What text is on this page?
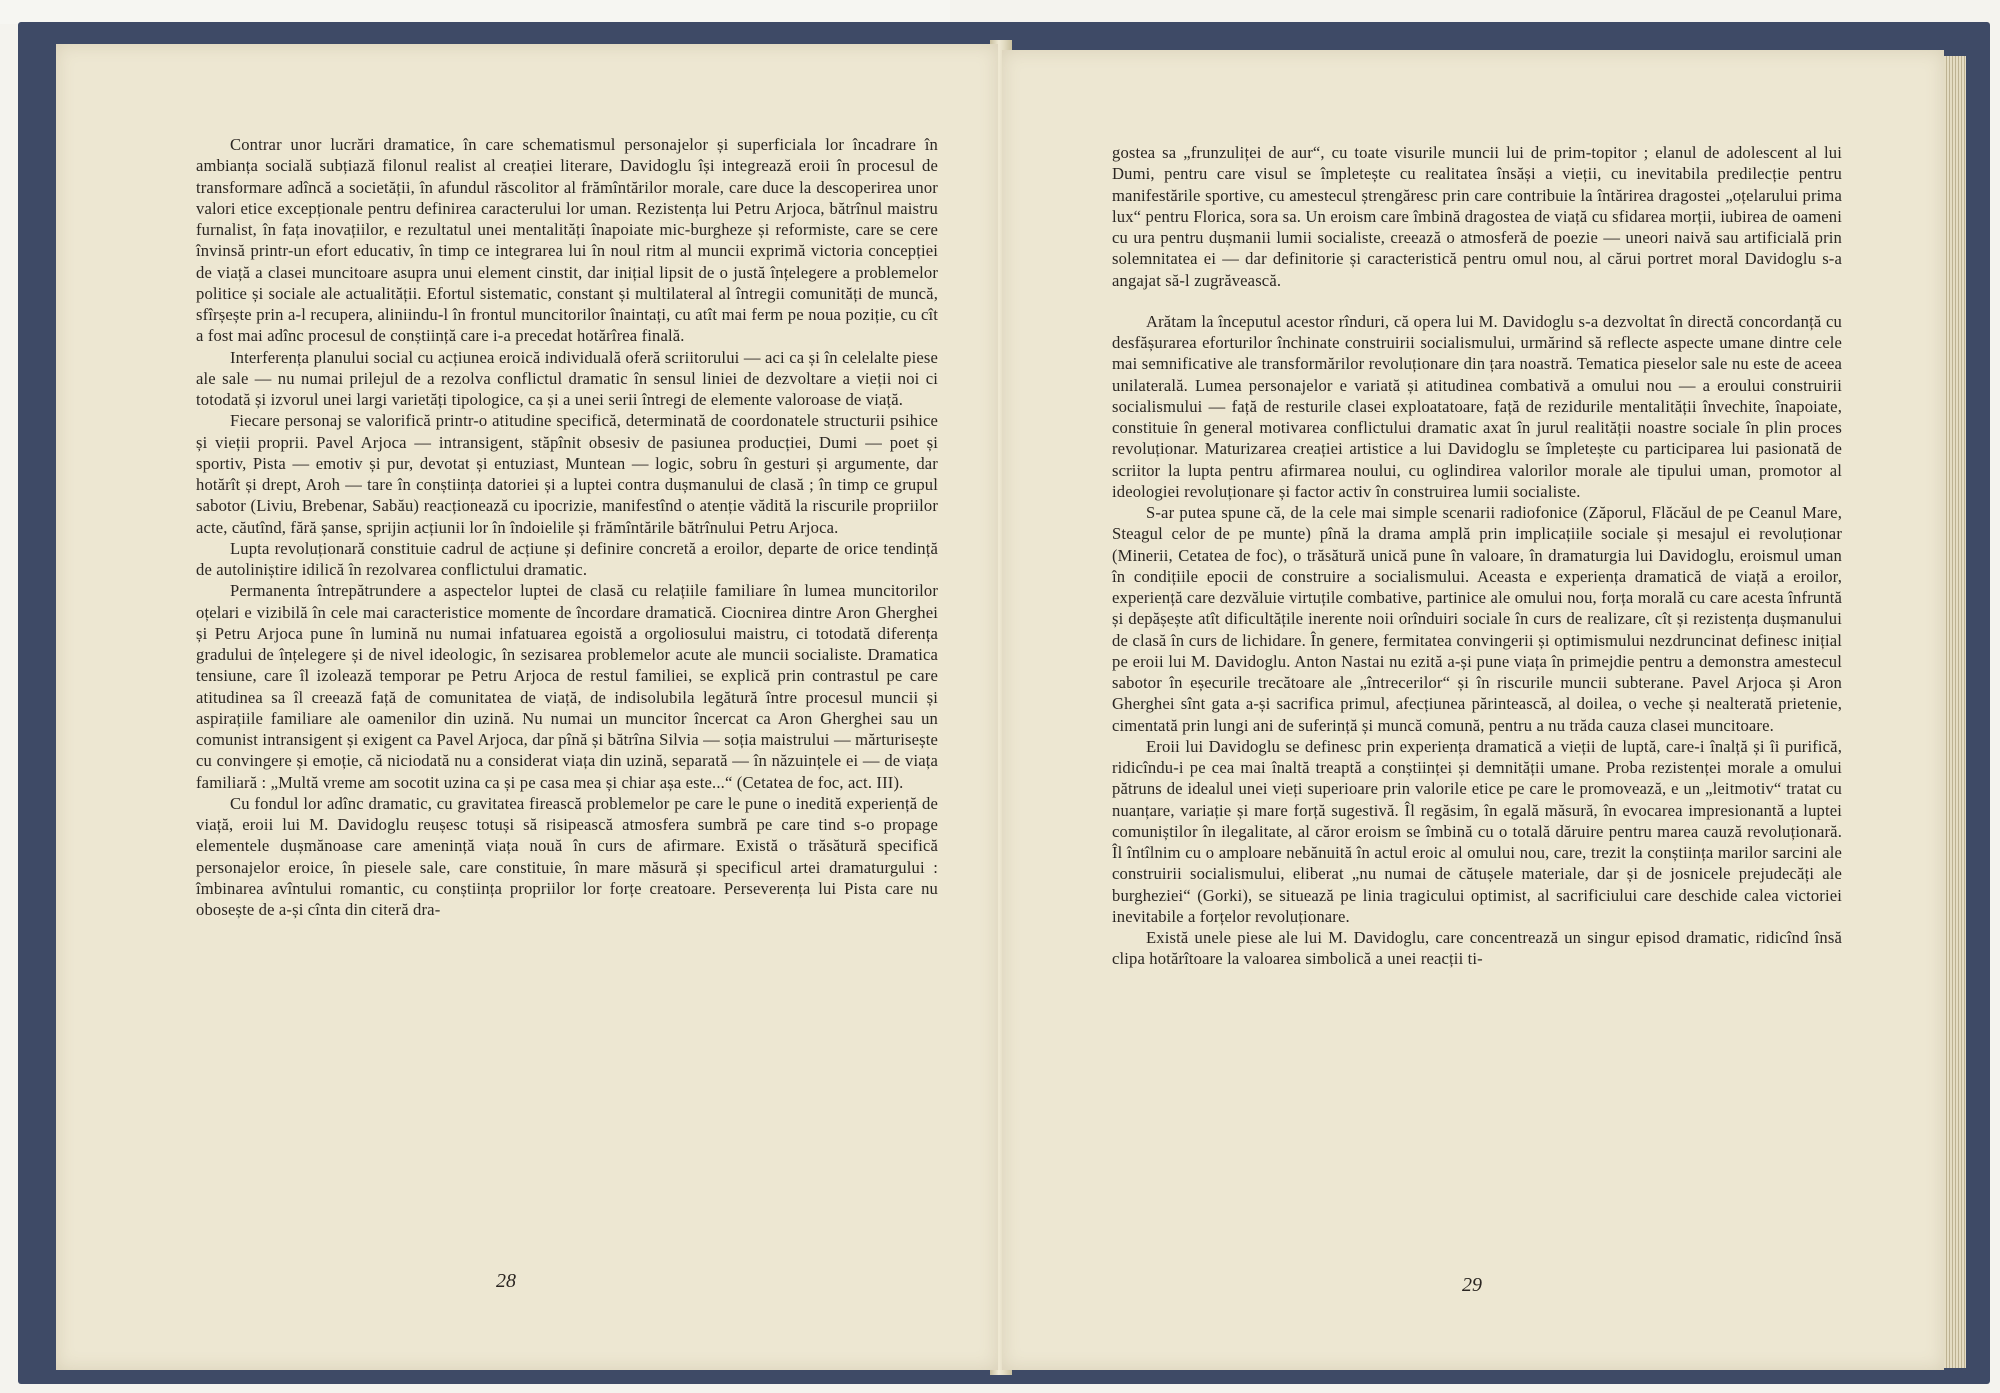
Contrar unor lucrări dramatice, în care schematismul personajelor și superficiala lor încadrare în ambianța socială subțiază filonul realist al creației literare, Davidoglu își integrează eroii în procesul de transformare adîncă a societății, în afundul răscolitor al frămîntărilor morale, care duce la descoperirea unor valori etice excepționale pentru definirea caracterului lor uman. Rezistența lui Petru Arjoca, bătrînul maistru furnalist, în fața inovațiilor, e rezultatul unei mentalități înapoiate mic-burgheze și reformiste, care se cere învinsă printr-un efort educativ, în timp ce integrarea lui în noul ritm al muncii exprimă victoria concepției de viață a clasei muncitoare asupra unui element cinstit, dar inițial lipsit de o justă înțelegere a problemelor politice și sociale ale actualității. Efortul sistematic, constant și multilateral al întregii comunități de muncă, sfîrșește prin a-l recupera, aliniindu-l în frontul muncitorilor înaintați, cu atît mai ferm pe noua poziție, cu cît a fost mai adînc procesul de conștiință care i-a precedat hotărîrea finală.

Interferența planului social cu acțiunea eroică individuală oferă scriitorului — aci ca și în celelalte piese ale sale — nu numai prilejul de a rezolva conflictul dramatic în sensul liniei de dezvoltare a vieții noi ci totodată și izvorul unei largi varietăți tipologice, ca și a unei serii întregi de elemente valoroase de viață.

Fiecare personaj se valorifică printr-o atitudine specifică, determinată de coordonatele structurii psihice și vieții proprii. Pavel Arjoca — intransigent, stăpînit obsesiv de pasiunea producției, Dumi — poet și sportiv, Pista — emotiv și pur, devotat și entuziast, Muntean — logic, sobru în gesturi și argumente, dar hotărît și drept, Aroh — tare în conștiința datoriei și a luptei contra dușmanului de clasă ; în timp ce grupul sabotor (Liviu, Brebenar, Sabău) reacționează cu ipocrizie, manifestînd o atenție vădită la riscurile propriilor acte, căutînd, fără șanse, sprijin acțiunii lor în îndoielile și frămîntările bătrînului Petru Arjoca.

Lupta revoluționară constituie cadrul de acțiune și definire concretă a eroilor, departe de orice tendință de autoliniștire idilică în rezolvarea conflictului dramatic.

Permanenta întrepătrundere a aspectelor luptei de clasă cu relațiile familiare în lumea muncitorilor oțelari e vizibilă în cele mai caracteristice momente de încordare dramatică. Ciocnirea dintre Aron Gherghei și Petru Arjoca pune în lumină nu numai infatuarea egoistă a orgoliosului maistru, ci totodată diferența gradului de înțelegere și de nivel ideologic, în sezisarea problemelor acute ale muncii socialiste. Dramatica tensiune, care îl izolează temporar pe Petru Arjoca de restul familiei, se explică prin contrastul pe care atitudinea sa îl creează față de comunitatea de viață, de indisolubila legătură între procesul muncii și aspirațiile familiare ale oamenilor din uzină. Nu numai un muncitor încercat ca Aron Gherghei sau un comunist intransigent și exigent ca Pavel Arjoca, dar pînă și bătrîna Silvia — soția maistrului — mărturisește cu convingere și emoție, că niciodată nu a considerat viața din uzină, separată — în năzuințele ei — de viața familiară : „Multă vreme am socotit uzina ca și pe casa mea și chiar așa este...“ (Cetatea de foc, act. III).

Cu fondul lor adînc dramatic, cu gravitatea firească problemelor pe care le pune o inedită experiență de viață, eroii lui M. Davidoglu reușesc totuși să risipească atmosfera sumbră pe care tind s-o propage elementele dușmănoase care amenință viața nouă în curs de afirmare. Există o trăsătură specifică personajelor eroice, în piesele sale, care constituie, în mare măsură și specificul artei dramaturgului : îmbinarea avîntului romantic, cu conștiința propriilor lor forțe creatoare. Perseverența lui Pista care nu obosește de a-și cînta din citeră dra-

28

gostea sa „frunzuliței de aur“, cu toate visurile muncii lui de prim-topitor ; elanul de adolescent al lui Dumi, pentru care visul se împletește cu realitatea însăși a vieții, cu inevitabila predilecție pentru manifestările sportive, cu amestecul ștrengăresc prin care contribuie la întărirea dragostei „oțelarului prima lux“ pentru Florica, sora sa. Un eroism care îmbină dragostea de viață cu sfidarea morții, iubirea de oameni cu ura pentru dușmanii lumii socialiste, creează o atmosferă de poezie — uneori naivă sau artificială prin solemnitatea ei — dar definitorie și caracteristică pentru omul nou, al cărui portret moral Davidoglu s-a angajat să-l zugrăvească.

Arătam la începutul acestor rînduri, că opera lui M. Davidoglu s-a dezvoltat în directă concordanță cu desfășurarea eforturilor închinate construirii socialismului, urmărind să reflecte aspecte umane dintre cele mai semnificative ale transformărilor revoluționare din țara noastră. Tematica pieselor sale nu este de aceea unilaterală. Lumea personajelor e variată și atitudinea combativă a omului nou — a eroului construirii socialismului — față de resturile clasei exploatatoare, față de rezidurile mentalității învechite, înapoiate, constituie în general motivarea conflictului dramatic axat în jurul realității noastre sociale în plin proces revoluționar. Maturizarea creației artistice a lui Davidoglu se împletește cu participarea lui pasionată de scriitor la lupta pentru afirmarea noului, cu oglindirea valorilor morale ale tipului uman, promotor al ideologiei revoluționare și factor activ în construirea lumii socialiste.

S-ar putea spune că, de la cele mai simple scenarii radiofonice (Zăporul, Flăcăul de pe Ceanul Mare, Steagul celor de pe munte) pînă la drama amplă prin implicațiile sociale și mesajul ei revoluționar (Minerii, Cetatea de foc), o trăsătură unică pune în valoare, în dramaturgia lui Davidoglu, eroismul uman în condițiile epocii de construire a socialismului. Aceasta e experiența dramatică de viață a eroilor, experiență care dezvăluie virtuțile combative, partinice ale omului nou, forța morală cu care acesta înfruntă și depășește atît dificultățile inerente noii orînduiri sociale în curs de realizare, cît și rezistența dușmanului de clasă în curs de lichidare. În genere, fermitatea convingerii și optimismului nezdruncinat definesc inițial pe eroii lui M. Davidoglu. Anton Nastai nu ezită a-și pune viața în primejdie pentru a demonstra amestecul sabotor în eșecurile trecătoare ale „întrecerilor“ și în riscurile muncii subterane. Pavel Arjoca și Aron Gherghei sînt gata a-și sacrifica primul, afecțiunea părintească, al doilea, o veche și nealterată prietenie, cimentată prin lungi ani de suferință și muncă comună, pentru a nu trăda cauza clasei muncitoare.

Eroii lui Davidoglu se definesc prin experiența dramatică a vieții de luptă, care-i înalță și îi purifică, ridicîndu-i pe cea mai înaltă treaptă a conștiinței și demnității umane. Proba rezistenței morale a omului pătruns de idealul unei vieți superioare prin valorile etice pe care le promovează, e un „leitmotiv“ tratat cu nuanțare, variație și mare forță sugestivă. Îl regăsim, în egală măsură, în evocarea impresionantă a luptei comuniștilor în ilegalitate, al căror eroism se îmbină cu o totală dăruire pentru marea cauză revoluționară. Îl întîlnim cu o amploare nebănuită în actul eroic al omului nou, care, trezit la conștiința marilor sarcini ale construirii socialismului, eliberat „nu numai de cătușele materiale, dar și de josnicele prejudecăți ale burgheziei“ (Gorki), se situează pe linia tragicului optimist, al sacrificiului care deschide calea victoriei inevitabile a forțelor revoluționare.

Există unele piese ale lui M. Davidoglu, care concentrează un singur episod dramatic, ridicînd însă clipa hotărîtoare la valoarea simbolică a unei reacții ti-

29
